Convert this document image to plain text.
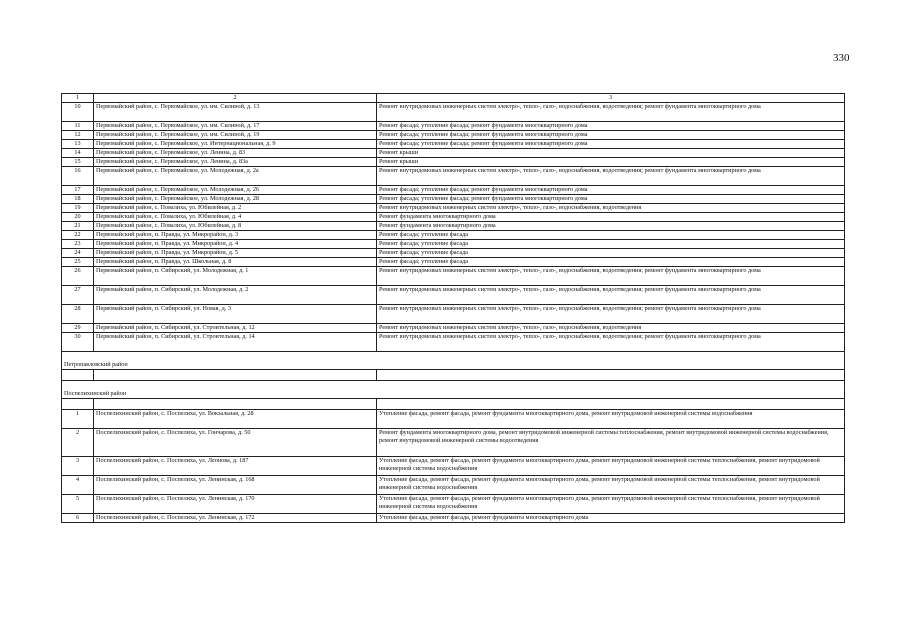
330
1	2	3
10	Первомайский район, с. Первомайское, ул. им. Силиной, д. 13	Ремонт внутридомовых инженерных систем электро-, тепло-, газо-, водоснабжения, водоотведения; ремонт фундамента многоквартирного дома
11	Первомайский район, с. Первомайское, ул. им. Силиной, д. 17	Ремонт фасада; утепление фасада; ремонт фундамента многоквартирного дома
12	Первомайский район, с. Первомайское, ул. им. Силиной, д. 19	Ремонт фасада; утепление фасада; ремонт фундамента многоквартирного дома
13	Первомайский район, с. Первомайское, ул. Интернациональная, д. 9	Ремонт фасада; утепление фасада; ремонт фундамента многоквартирного дома
14	Первомайский район, с. Первомайское, ул. Ленина, д. 83	Ремонт крыши
15	Первомайский район, с. Первомайское, ул. Ленина, д. 83а	Ремонт крыши
16	Первомайский район, с. Первомайское, ул. Молодежная, д. 2а	Ремонт внутридомовых инженерных систем электро-, тепло-, газо-, водоснабжения, водоотведения; ремонт фундамента многоквартирного дома
17	Первомайский район, с. Первомайское, ул. Молодежная, д. 26	Ремонт фасада; утепление фасада; ремонт фундамента многоквартирного дома
18	Первомайский район, с. Первомайское, ул. Молодежная, д. 28	Ремонт фасада; утепление фасада; ремонт фундамента многоквартирного дома
19	Первомайский район, с. Повалиха, ул. Юбилейная, д. 2	Ремонт внутридомовых инженерных систем электро-, тепло-, газо-, водоснабжения, водоотведения
20	Первомайский район, с. Повалиха, ул. Юбилейная, д. 4	Ремонт фундамента многоквартирного дома
21	Первомайский район, с. Повалиха, ул. Юбилейная, д. 8	Ремонт фундамента многоквартирного дома
22	Первомайский район, п. Правда, ул. Микрорайон, д. 3	Ремонт фасада; утепление фасада
23	Первомайский район, п. Правда, ул. Микрорайон, д. 4	Ремонт фасада; утепление фасада
24	Первомайский район, п. Правда, ул. Микрорайон, д. 5	Ремонт фасада; утепление фасада
25	Первомайский район, п. Правда, ул. Школьная, д. 8	Ремонт фасада; утепление фасада
26	Первомайский район, п. Сибирский, ул. Молодежная, д. 1	Ремонт внутридомовых инженерных систем электро-, тепло-, газо-, водоснабжения, водоотведения; ремонт фундамента многоквартирного дома
27	Первомайский район, п. Сибирский, ул. Молодежная, д. 2	Ремонт внутридомовых инженерных систем электро-, тепло-, газо-, водоснабжения, водоотведения; ремонт фундамента многоквартирного дома
28	Первомайский район, п. Сибирский, ул. Новая, д. 3	Ремонт внутридомовых инженерных систем электро-, тепло-, газо-, водоснабжения, водоотведения; ремонт фундамента многоквартирного дома
29	Первомайский район, п. Сибирский, ул. Строительная, д. 12	Ремонт внутридомовых инженерных систем электро-, тепло-, газо-, водоснабжения, водоотведения
30	Первомайский район, п. Сибирский, ул. Строительная, д. 14	Ремонт внутридомовых инженерных систем электро-, тепло-, газо-, водоснабжения, водоотведения; ремонт фундамента многоквартирного дома
Петропавловский район		

Поспелихинский район		

1	Поспелихинский район, с. Поспелиха, ул. Вокзальная, д. 28	Утепление фасада, ремонт фасада, ремонт фундамента многоквартирного дома, ремонт внутридомовой инженерной системы водоснабжения
2	Поспелихинский район, с. Поспелиха, ул. Гончарова, д. 50	Ремонт фундамента многоквартирного дома, ремонт внутридомовой инженерной системы теплоснабжения, ремонт внутридомовой инженерной системы водоснабжения, ремонт внутридомовой инженерной системы водоотведения
3	Поспелихинский район, с. Поспелиха, ул. Леонова, д. 187	Утепление фасада, ремонт фасада, ремонт фундамента многоквартирного дома, ремонт внутридомовой инженерной системы теплоснабжения, ремонт внутридомовой инженерной системы водоснабжения
4	Поспелихинский район, с. Поспелиха, ул. Ленинская, д. 168	Утепление фасада, ремонт фасада, ремонт фундамента многоквартирного дома, ремонт внутридомовой инженерной системы теплоснабжения, ремонт внутридомовой инженерной системы водоснабжения
5	Поспелихинский район, с. Поспелиха, ул. Ленинская, д. 170	Утепление фасада, ремонт фасада, ремонт фундамента многоквартирного дома, ремонт внутридомовой инженерной системы теплоснабжения, ремонт внутридомовой инженерной системы водоснабжения
6	Поспелихинский район, с. Поспелиха, ул. Ленинская, д. 172	Утепление фасада, ремонт фасада, ремонт фундамента многоквартирного дома
